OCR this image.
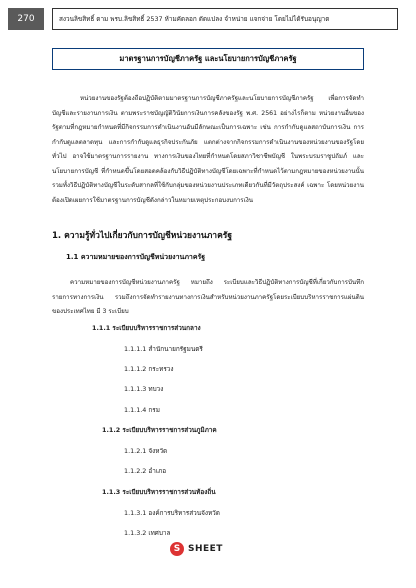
270	สงวนลิขสิทธิ์ ตาม พรบ.ลิขสิทธิ์ 2537 ห้ามคัดลอก ดัดแปลง จำหน่าย แจกจ่าย โดยไม่ได้รับอนุญาต
มาตรฐานการบัญชีภาครัฐ และนโยบายการบัญชีภาครัฐ
หน่วยงานของรัฐต้องถือปฏิบัติตามมาตรฐานการบัญชีภาครัฐและนโยบายการบัญชีภาครัฐ เพื่อการจัดทำ บัญชีและรายงานการเงิน ตามพระราชบัญญัติวินัยการเงินการคลังของรัฐ พ.ศ. 2561 อย่างไรก็ตาม หน่วยงานอื่นของรัฐตามที่กฎหมายกำหนดที่มีกิจกรรมการดำเนินงานอันมีลักษณะเป็นการเฉพาะ เช่น การกำกับดูแลสถาบันการเงิน การกำกับดูแลตลาดทุน และการกำกับดูแลธุรกิจประกันภัย แตกต่างจากกิจกรรมการดำเนินงานของหน่วยงานของรัฐโดยทั่วไป อาจใช้มาตรฐานการรายงาน ทางการเงินของไทยที่กำหนดโดยสภาวิชาชีพบัญชี ในพระบรมราชูปถัมภ์ และนโยบายการบัญชี ที่กำหนดขึ้นโดยสอดคล้องกับวิธีปฏิบัติทางบัญชีโดยเฉพาะที่กำหนดไว้ตามกฎหมายของหน่วยงานนั้น รวมทั้งวิธีปฏิบัติทางบัญชีในระดับสากลที่ใช้กับกลุ่มของหน่วยงานประเภทเดียวกันที่มีวัตถุประสงค์ เฉพาะ โดยหน่วยงานต้องเปิดเผยการใช้มาตรฐานการบัญชีดังกล่าวในหมายเหตุประกอบงบการเงิน
1. ความรู้ทั่วไปเกี่ยวกับการบัญชีหน่วยงานภาครัฐ
1.1 ความหมายของการบัญชีหน่วยงานภาครัฐ
ความหมายของการบัญชีหน่วยงานภาครัฐ หมายถึง ระเบียบและวิธีปฏิบัติทางการบัญชีที่เกี่ยวกับการบันทึกรายการทางการเงิน รวมถึงการจัดทำรายงานทางการเงินสำหรับหน่วยงานภาครัฐโดยระเบียบบริหารราชการแผ่นดินของประเทศไทย มี 3 ระเบียบ
1.1.1 ระเบียบบริหารราชการส่วนกลาง
1.1.1.1 สำนักนายกรัฐมนตรี
1.1.1.2 กระทรวง
1.1.1.3 ทบวง
1.1.1.4 กรม
1.1.2 ระเบียบบริหารราชการส่วนภูมิภาค
1.1.2.1 จังหวัด
1.1.2.2 อำเภอ
1.1.3 ระเบียบบริหารราชการส่วนท้องถิ่น
1.1.3.1 องค์การบริหารส่วนจังหวัด
1.1.3.2 เทศบาล
S SHEET
